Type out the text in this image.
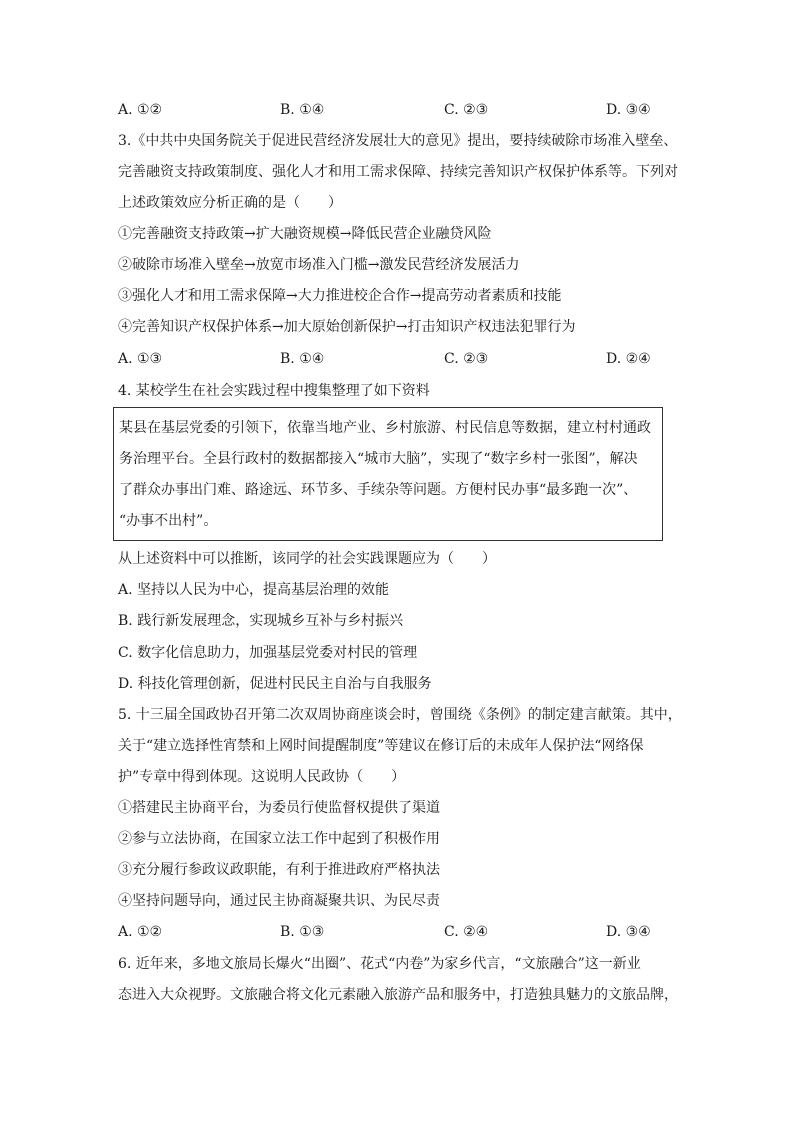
A. ①②	B. ①④	C. ②③	D. ③④
3.《中共中央国务院关于促进民营经济发展壮大的意见》提出，要持续破除市场准入壁垒、
完善融资支持政策制度、强化人才和用工需求保障、持续完善知识产权保护体系等。下列对
上述政策效应分析正确的是（　　）
①完善融资支持政策→扩大融资规模→降低民营企业融贷风险
②破除市场准入壁垒→放宽市场准入门槛→激发民营经济发展活力
③强化人才和用工需求保障→大力推进校企合作→提高劳动者素质和技能
④完善知识产权保护体系→加大原始创新保护→打击知识产权违法犯罪行为
A. ①③	B. ①④	C. ②③	D. ②④
4. 某校学生在社会实践过程中搜集整理了如下资料
某县在基层党委的引领下，依靠当地产业、乡村旅游、村民信息等数据，建立村村通政
务治理平台。全县行政村的数据都接入“城市大脑”，实现了“数字乡村一张图”，解决
了群众办事出门难、路途远、环节多、手续杂等问题。方便村民办事“最多跑一次”、
“办事不出村”。
从上述资料中可以推断，该同学的社会实践课题应为（　　）
A. 坚持以人民为中心，提高基层治理的效能
B. 践行新发展理念，实现城乡互补与乡村振兴
C. 数字化信息助力，加强基层党委对村民的管理
D. 科技化管理创新，促进村民民主自治与自我服务
5. 十三届全国政协召开第二次双周协商座谈会时，曾围绕《条例》的制定建言献策。其中，
关于“建立选择性宵禁和上网时间提醒制度”等建议在修订后的未成年人保护法“网络保
护”专章中得到体现。这说明人民政协（　　）
①搭建民主协商平台，为委员行使监督权提供了渠道
②参与立法协商，在国家立法工作中起到了积极作用
③充分履行参政议政职能，有利于推进政府严格执法
④坚持问题导向，通过民主协商凝聚共识、为民尽责
A. ①②	B. ①③	C. ②④	D. ③④
6. 近年来，多地文旅局长爆火“出圈”、花式“内卷”为家乡代言，“文旅融合”这一新业
态进入大众视野。文旅融合将文化元素融入旅游产品和服务中，打造独具魅力的文旅品牌，
